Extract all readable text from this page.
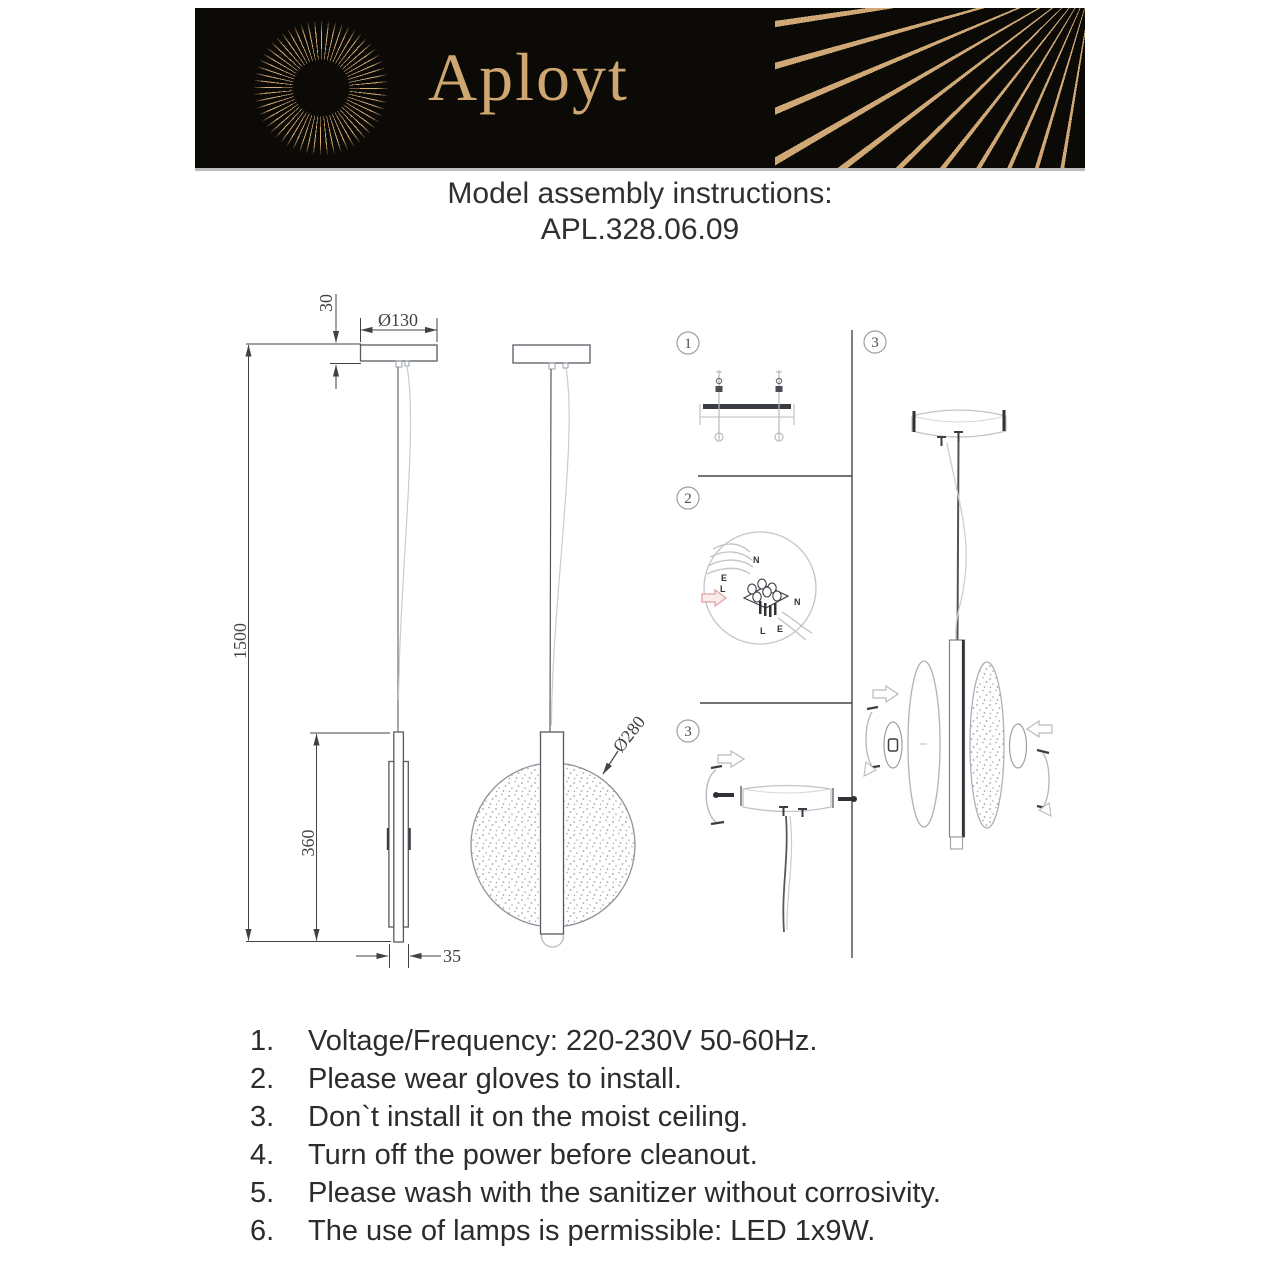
Aployt
Model assembly instructions:
APL.328.06.09
30
Ø130
1500
360
35
Ø280
1
2
3
3
N
E
L
N
L E
1.	Voltage/Frequency: 220-230V 50-60Hz.
2.	Please wear gloves to install.
3.	Don`t install it on the moist ceiling.
4.	Turn off the power before cleanout.
5.	Please wash with the sanitizer without corrosivity.
6.	The use of lamps is permissible: LED 1x9W.
